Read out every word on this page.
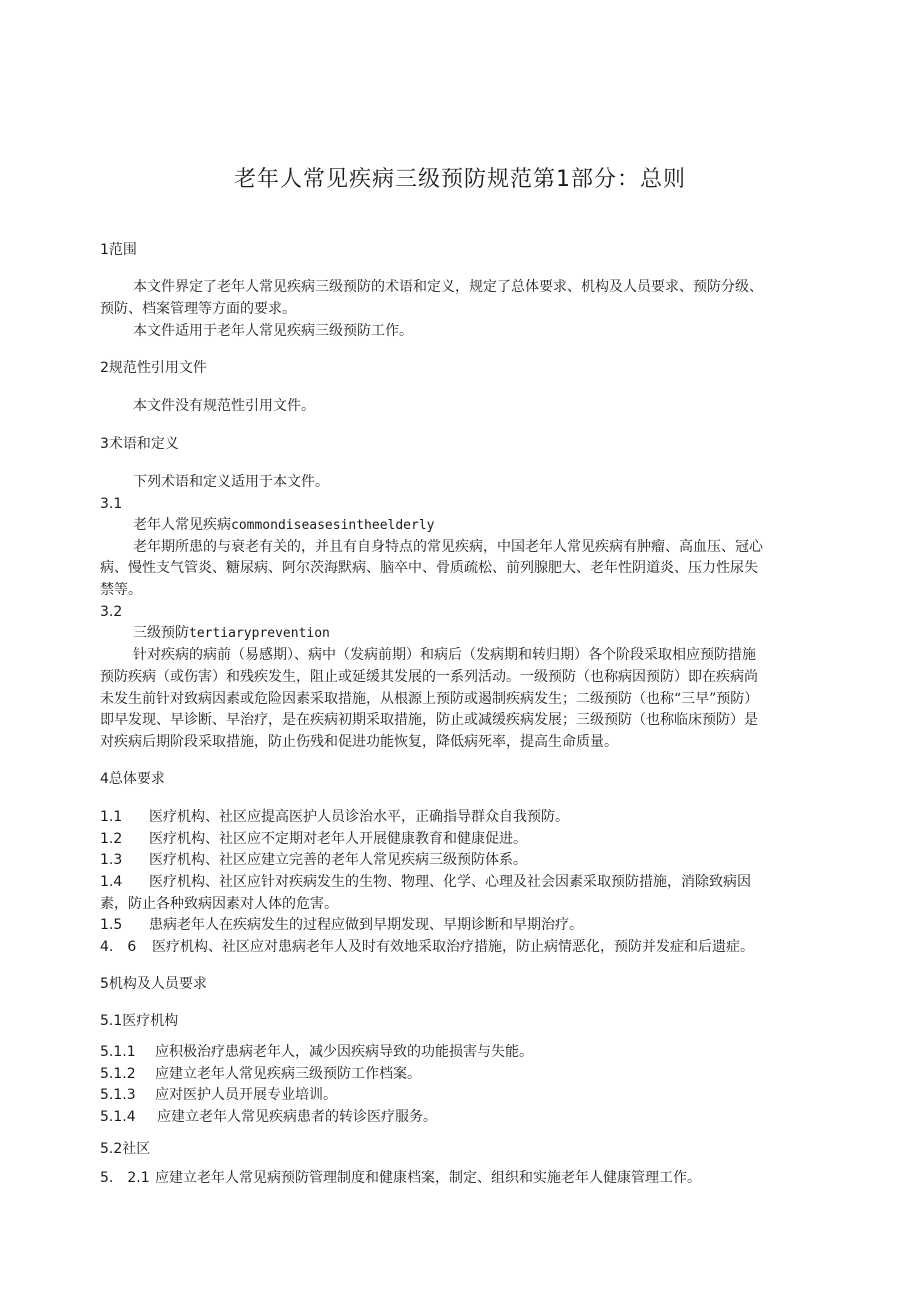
老年人常见疾病三级预防规范第1部分：总则
1范围
本文件界定了老年人常见疾病三级预防的术语和定义，规定了总体要求、机构及人员要求、预防分级、
预防、档案管理等方面的要求。
本文件适用于老年人常见疾病三级预防工作。
2规范性引用文件
本文件没有规范性引用文件。
3术语和定义
下列术语和定义适用于本文件。
3.1
老年人常见疾病commondiseasesintheelderly
老年期所患的与衰老有关的，并且有自身特点的常见疾病，中国老年人常见疾病有肿瘤、高血压、冠心
病、慢性支气管炎、糖尿病、阿尔茨海默病、脑卒中、骨质疏松、前列腺肥大、老年性阴道炎、压力性尿失
禁等。
3.2
三级预防tertiaryprevention
针对疾病的病前（易感期）、病中（发病前期）和病后（发病期和转归期）各个阶段采取相应预防措施
预防疾病（或伤害）和残疾发生，阻止或延缓其发展的一系列活动。一级预防（也称病因预防）即在疾病尚
未发生前针对致病因素或危险因素采取措施，从根源上预防或遏制疾病发生；二级预防（也称“三早”预防）
即早发现、早诊断、早治疗，是在疾病初期采取措施，防止或减缓疾病发展；三级预防（也称临床预防）是
对疾病后期阶段采取措施，防止伤残和促进功能恢复，降低病死率，提高生命质量。
4总体要求
1.1 医疗机构、社区应提高医护人员诊治水平，正确指导群众自我预防。
1.2 医疗机构、社区应不定期对老年人开展健康教育和健康促进。
1.3 医疗机构、社区应建立完善的老年人常见疾病三级预防体系。
1.4 医疗机构、社区应针对疾病发生的生物、物理、化学、心理及社会因素采取预防措施，消除致病因
素，防止各种致病因素对人体的危害。
1.5 患病老年人在疾病发生的过程应做到早期发现、早期诊断和早期治疗。
4.　6 医疗机构、社区应对患病老年人及时有效地采取治疗措施，防止病情恶化，预防并发症和后遗症。
5机构及人员要求
5.1医疗机构
5.1.1 应积极治疗患病老年人，减少因疾病导致的功能损害与失能。
5.1.2 应建立老年人常见疾病三级预防工作档案。
5.1.3 应对医护人员开展专业培训。
5.1.4 应建立老年人常见疾病患者的转诊医疗服务。
5.2社区
5.　2.1 应建立老年人常见病预防管理制度和健康档案，制定、组织和实施老年人健康管理工作。
